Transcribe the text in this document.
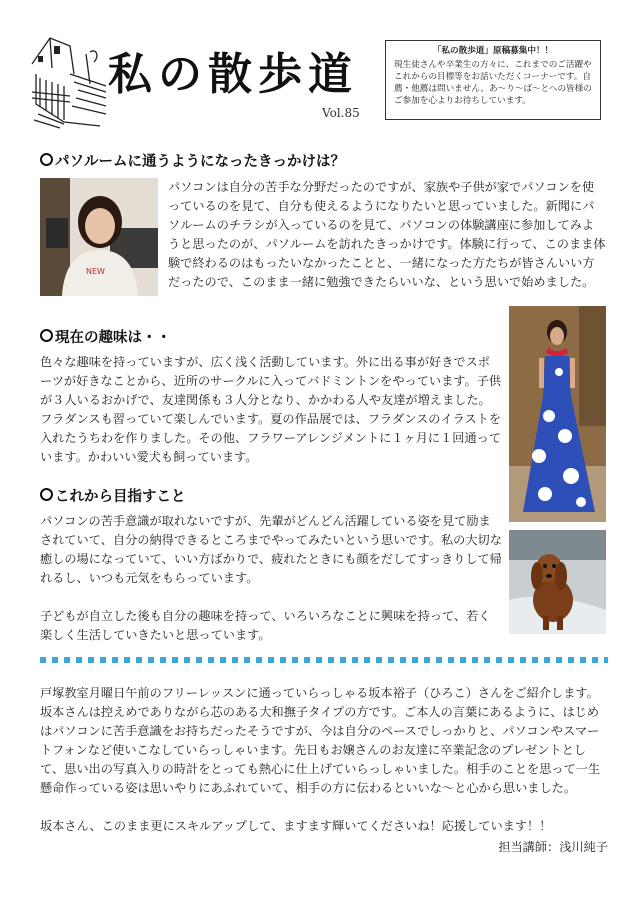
私の散歩道
Vol.85
「私の散歩道」原稿募集中！！
現生徒さんや卒業生の方々に、これまでのご活躍やこれからの目標等をお話いただくコーナーです。自薦・他薦は問いません。あ〜り〜ば〜とへの皆様のご参加を心よりお待ちしています。
パソルームに通うようになったきっかけは？
NEW
パソコンは自分の苦手な分野だったのですが、家族や子供が家でパソコンを使っているのを見て、自分も使えるようになりたいと思っていました。新聞にパソルームのチラシが入っているのを見て、パソコンの体験講座に参加してみようと思ったのが、パソルームを訪れたきっかけです。体験に行って、このまま体験で終わるのはもったいなかったことと、一緒になった方たちが皆さんいい方だったので、このまま一緒に勉強できたらいいな、という思いで始めました。
現在の趣味は・・
色々な趣味を持っていますが、広く浅く活動しています。外に出る事が好きでスポーツが好きなことから、近所のサークルに入ってバドミントンをやっています。子供が３人いるおかげで、友達関係も３人分となり、かかわる人や友達が増えました。フラダンスも習っていて楽しんでいます。夏の作品展では、フラダンスのイラストを入れたうちわを作りました。その他、フラワーアレンジメントに１ヶ月に１回通っています。かわいい愛犬も飼っています。
これから目指すこと
パソコンの苦手意識が取れないですが、先輩がどんどん活躍している姿を見て励まされていて、自分の納得できるところまでやってみたいという思いです。私の大切な癒しの場になっていて、いい方ばかりで、疲れたときにも顔をだしてすっきりして帰れるし、いつも元気をもらっています。
子どもが自立した後も自分の趣味を持って、いろいろなことに興味を持って、若く楽しく生活していきたいと思っています。
戸塚教室月曜日午前のフリーレッスンに通っていらっしゃる坂本裕子（ひろこ）さんをご紹介します。坂本さんは控えめでありながら芯のある大和撫子タイプの方です。ご本人の言葉にあるように、はじめはパソコンに苦手意識をお持ちだったそうですが、今は自分のペースでしっかりと、パソコンやスマートフォンなど使いこなしていらっしゃいます。先日もお嬢さんのお友達に卒業記念のプレゼントとして、思い出の写真入りの時計をとっても熱心に仕上げていらっしゃいました。相手のことを思って一生懸命作っている姿は思いやりにあふれていて、相手の方に伝わるといいな〜と心から思いました。
坂本さん、このまま更にスキルアップして、ますます輝いてくださいね！応援しています！！
担当講師：浅川純子
